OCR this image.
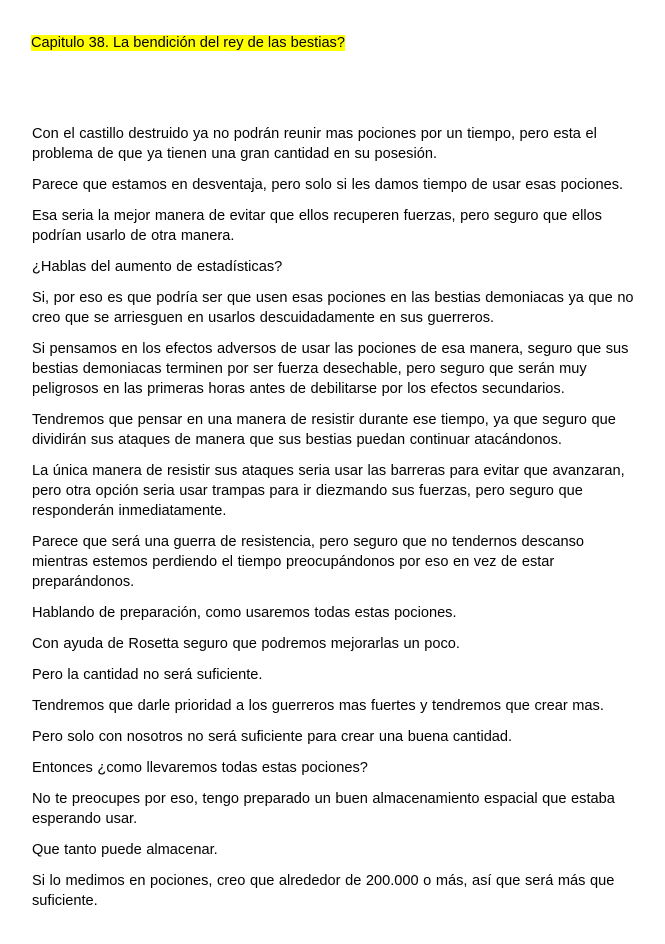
Capitulo 38. La bendición del rey de las bestias?

Con el castillo destruido ya no podrán reunir mas pociones por un tiempo, pero esta el problema de que ya tienen una gran cantidad en su posesión.

Parece que estamos en desventaja, pero solo si les damos tiempo de usar esas pociones.

Esa seria la mejor manera de evitar que ellos recuperen fuerzas, pero seguro que ellos podrían usarlo de otra manera.

¿Hablas del aumento de estadísticas?

Si, por eso es que podría ser que usen esas pociones en las bestias demoniacas ya que no creo que se arriesguen en usarlos descuidadamente en sus guerreros.

Si pensamos en los efectos adversos de usar las pociones de esa manera, seguro que sus bestias demoniacas terminen por ser fuerza desechable, pero seguro que serán muy peligrosos en las primeras horas antes de debilitarse por los efectos secundarios.

Tendremos que pensar en una manera de resistir durante ese tiempo, ya que seguro que dividirán sus ataques de manera que sus bestias puedan continuar atacándonos.

La única manera de resistir sus ataques seria usar las barreras para evitar que avanzaran, pero otra opción seria usar trampas para ir diezmando sus fuerzas, pero seguro que responderán inmediatamente.

Parece que será una guerra de resistencia, pero seguro que no tendernos descanso mientras estemos perdiendo el tiempo preocupándonos por eso en vez de estar preparándonos.

Hablando de preparación, como usaremos todas estas pociones.

Con ayuda de Rosetta seguro que podremos mejorarlas un poco.

Pero la cantidad no será suficiente.

Tendremos que darle prioridad a los guerreros mas fuertes y tendremos que crear mas.

Pero solo con nosotros no será suficiente para crear una buena cantidad.

Entonces ¿como llevaremos todas estas pociones?

No te preocupes por eso, tengo preparado un buen almacenamiento espacial que estaba esperando usar.

Que tanto puede almacenar.

Si lo medimos en pociones, creo que alrededor de 200.000 o más, así que será más que suficiente.
